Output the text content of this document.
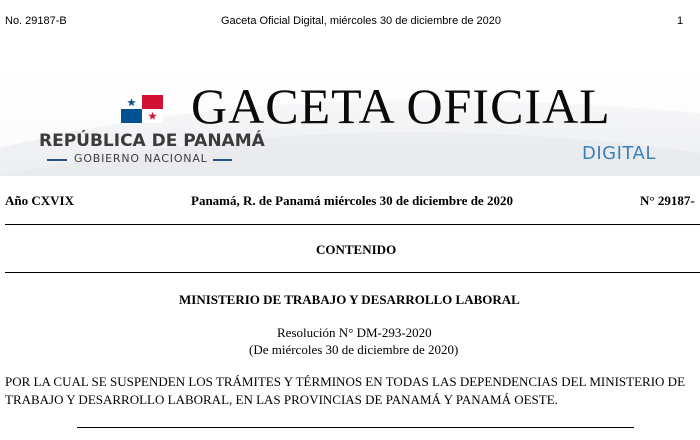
No. 29187-B	Gaceta Oficial Digital, miércoles 30 de diciembre de 2020	1
GACETA OFICIAL
REPÚBLICA DE PANAMÁ
GOBIERNO NACIONAL	DIGITAL
Año CXVIX	Panamá, R. de Panamá miércoles 30 de diciembre de 2020	N° 29187-
CONTENIDO
MINISTERIO DE TRABAJO Y DESARROLLO LABORAL
Resolución N° DM-293-2020
(De miércoles 30 de diciembre de 2020)
POR LA CUAL SE SUSPENDEN LOS TRÁMITES Y TÉRMINOS EN TODAS LAS DEPENDENCIAS DEL MINISTERIO DE
TRABAJO Y DESARROLLO LABORAL, EN LAS PROVINCIAS DE PANAMÁ Y PANAMÁ OESTE.
